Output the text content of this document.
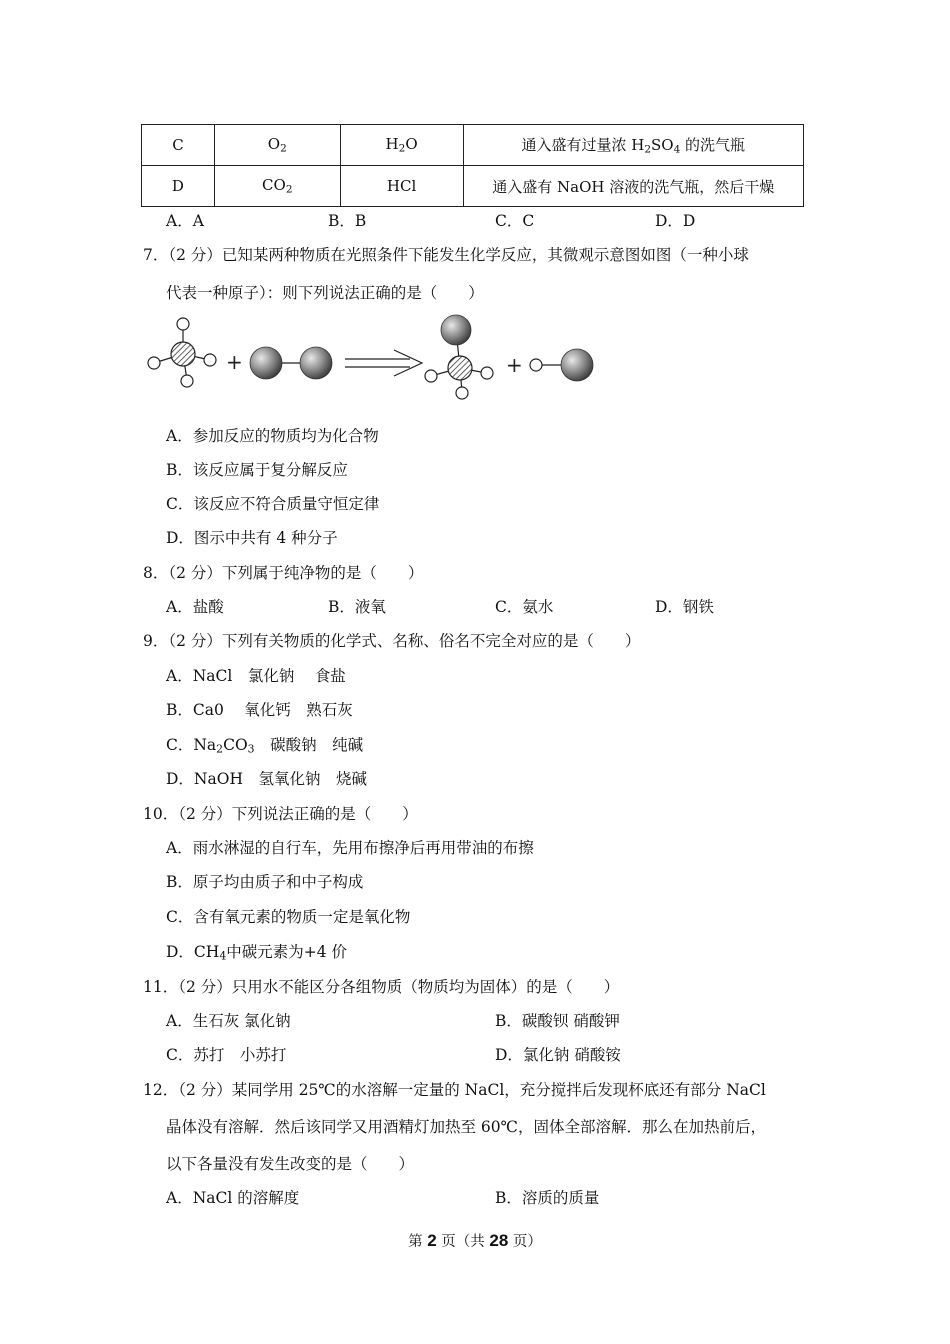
C	$O_2$	$H_2O$	通入盛有过量浓 $H_2SO_4$ 的洗气瓶
D	$CO_2$	HCl	通入盛有 NaOH 溶液的洗气瓶，然后干燥
A．A	B．B	C．C	D．D
7．（2 分）已知某两种物质在光照条件下能发生化学反应，其微观示意图如图（一种小球
代表一种原子）：则下列说法正确的是（　　）
+	+
A．参加反应的物质均为化合物
B．该反应属于复分解反应
C．该反应不符合质量守恒定律
D．图示中共有 4 种分子
8．（2 分）下列属于纯净物的是（　　）
A．盐酸	B．液氧	C．氨水	D．钢铁
9．（2 分）下列有关物质的化学式、名称、俗名不完全对应的是（　　）
A．NaCl　氯化钠　 食盐
B．Ca0　 氧化钙　熟石灰
C．$Na_2CO_3$　碳酸钠　纯碱
D．NaOH　氢氧化钠　烧碱
10．（2 分）下列说法正确的是（　　）
A．雨水淋湿的自行车，先用布擦净后再用带油的布擦
B．原子均由质子和中子构成
C．含有氧元素的物质一定是氧化物
D．$CH_4$中碳元素为+4 价
11．（2 分）只用水不能区分各组物质（物质均为固体）的是（　　）
A．生石灰 氯化钠	B．碳酸钡 硝酸钾
C．苏打　小苏打	D．氯化钠 硝酸铵
12．（2 分）某同学用 25℃的水溶解一定量的 NaCl，充分搅拌后发现杯底还有部分 NaCl
晶体没有溶解．然后该同学又用酒精灯加热至 60℃，固体全部溶解．那么在加热前后，
以下各量没有发生改变的是（　　）
A．NaCl 的溶解度	B．溶质的质量
第 2 页（共 28 页）
